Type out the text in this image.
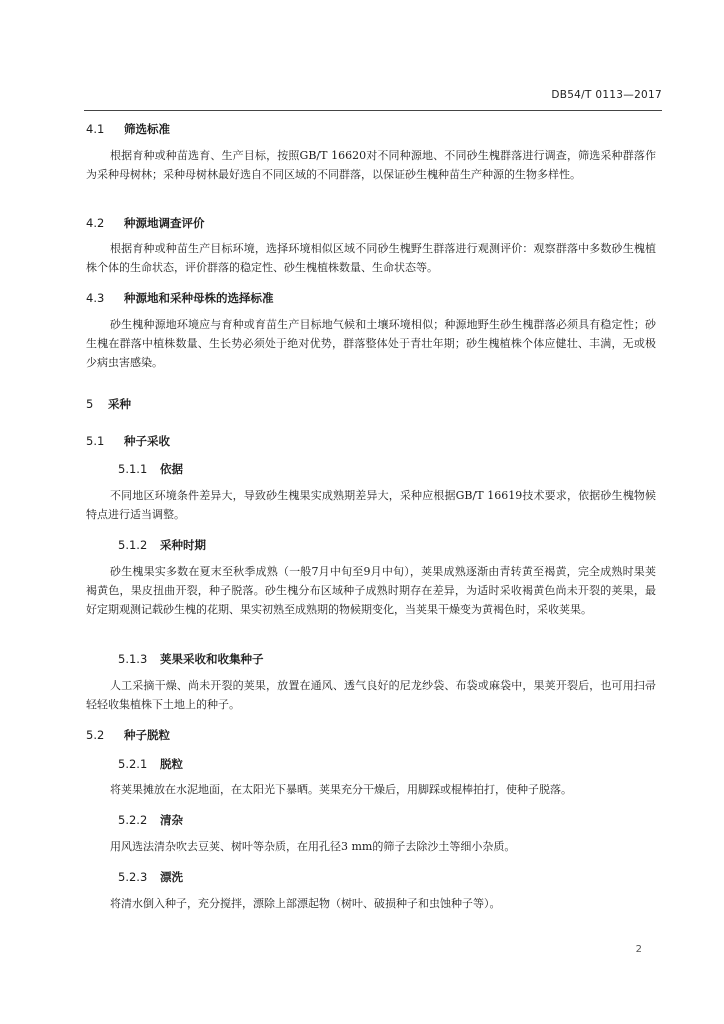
DB54/T 0113—2017
4.1 筛选标准

根据育种或种苗选育、生产目标，按照GB/T 16620对不同种源地、不同砂生槐群落进行调查，筛选采种群落作为采种母树林；采种母树林最好选自不同区域的不同群落，以保证砂生槐种苗生产种源的生物多样性。

4.2 种源地调查评价

根据育种或种苗生产目标环境，选择环境相似区域不同砂生槐野生群落进行观测评价：观察群落中多数砂生槐植株个体的生命状态，评价群落的稳定性、砂生槐植株数量、生命状态等。

4.3 种源地和采种母株的选择标准

砂生槐种源地环境应与育种或育苗生产目标地气候和土壤环境相似；种源地野生砂生槐群落必须具有稳定性；砂生槐在群落中植株数量、生长势必须处于绝对优势，群落整体处于青壮年期；砂生槐植株个体应健壮、丰满，无或极少病虫害感染。

5 采种
5.1 种子采收
5.1.1 依据

不同地区环境条件差异大，导致砂生槐果实成熟期差异大，采种应根据GB/T 16619技术要求，依据砂生槐物候特点进行适当调整。

5.1.2 采种时期

砂生槐果实多数在夏末至秋季成熟（一般7月中旬至9月中旬），荚果成熟逐渐由青转黄至褐黄，完全成熟时果荚褐黄色，果皮扭曲开裂，种子脱落。砂生槐分布区域种子成熟时期存在差异，为适时采收褐黄色尚未开裂的荚果，最好定期观测记载砂生槐的花期、果实初熟至成熟期的物候期变化，当荚果干燥变为黄褐色时，采收荚果。

5.1.3 荚果采收和收集种子

人工采摘干燥、尚未开裂的荚果，放置在通风、透气良好的尼龙纱袋、布袋或麻袋中，果荚开裂后，也可用扫帚轻轻收集植株下土地上的种子。

5.2 种子脱粒
5.2.1 脱粒

将荚果摊放在水泥地面，在太阳光下暴晒。荚果充分干燥后，用脚踩或棍棒拍打，使种子脱落。

5.2.2 清杂

用风选法清杂吹去豆荚、树叶等杂质，在用孔径3 mm的筛子去除沙土等细小杂质。

5.2.3 漂洗

将清水倒入种子，充分搅拌，漂除上部漂起物（树叶、破损种子和虫蚀种子等）。

2
